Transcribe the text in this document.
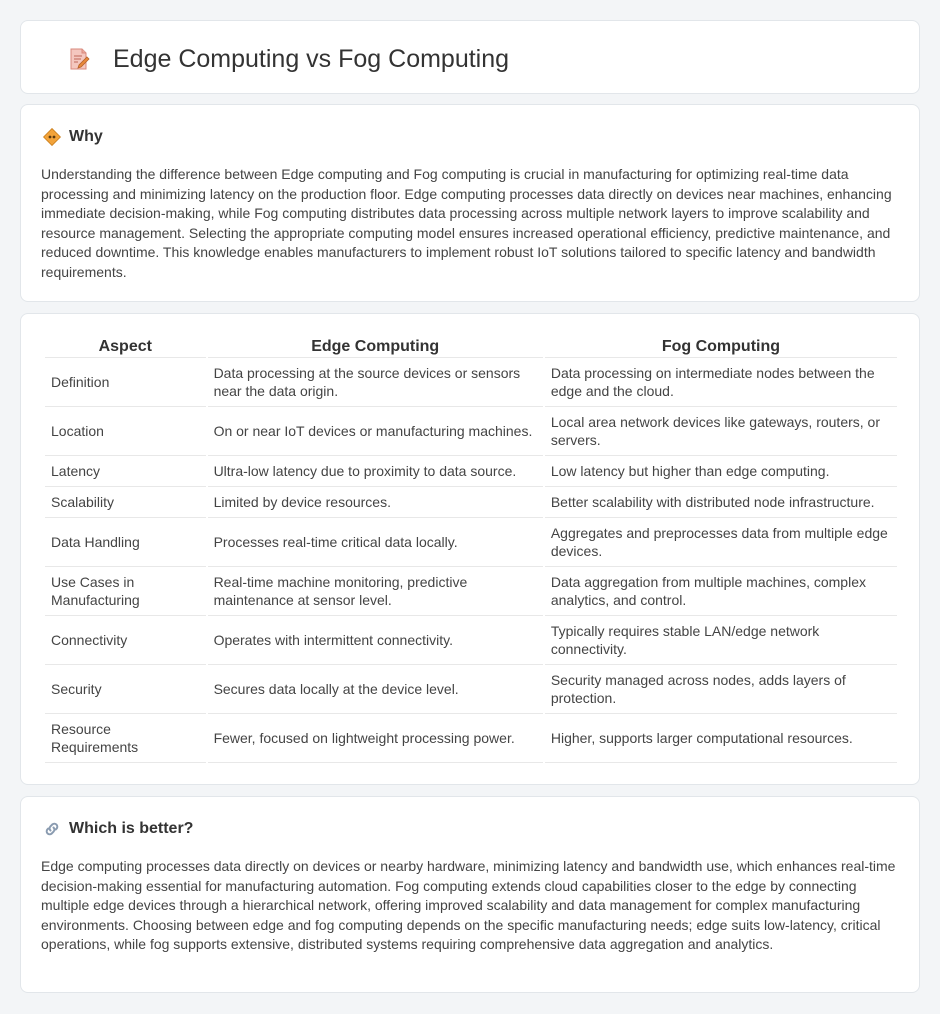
Edge Computing vs Fog Computing
Why

Understanding the difference between Edge computing and Fog computing is crucial in manufacturing for optimizing real-time data processing and minimizing latency on the production floor. Edge computing processes data directly on devices near machines, enhancing immediate decision-making, while Fog computing distributes data processing across multiple network layers to improve scalability and resource management. Selecting the appropriate computing model ensures increased operational efficiency, predictive maintenance, and reduced downtime. This knowledge enables manufacturers to implement robust IoT solutions tailored to specific latency and bandwidth requirements.

Aspect	Edge Computing	Fog Computing
Definition	Data processing at the source devices or sensors near the data origin.	Data processing on intermediate nodes between the edge and the cloud.
Location	On or near IoT devices or manufacturing machines.	Local area network devices like gateways, routers, or servers.
Latency	Ultra-low latency due to proximity to data source.	Low latency but higher than edge computing.
Scalability	Limited by device resources.	Better scalability with distributed node infrastructure.
Data Handling	Processes real-time critical data locally.	Aggregates and preprocesses data from multiple edge devices.
Use Cases in Manufacturing	Real-time machine monitoring, predictive maintenance at sensor level.	Data aggregation from multiple machines, complex analytics, and control.
Connectivity	Operates with intermittent connectivity.	Typically requires stable LAN/edge network connectivity.
Security	Secures data locally at the device level.	Security managed across nodes, adds layers of protection.
Resource Requirements	Fewer, focused on lightweight processing power.	Higher, supports larger computational resources.
Which is better?

Edge computing processes data directly on devices or nearby hardware, minimizing latency and bandwidth use, which enhances real-time decision-making essential for manufacturing automation. Fog computing extends cloud capabilities closer to the edge by connecting multiple edge devices through a hierarchical network, offering improved scalability and data management for complex manufacturing environments. Choosing between edge and fog computing depends on the specific manufacturing needs; edge suits low-latency, critical operations, while fog supports extensive, distributed systems requiring comprehensive data aggregation and analytics.
